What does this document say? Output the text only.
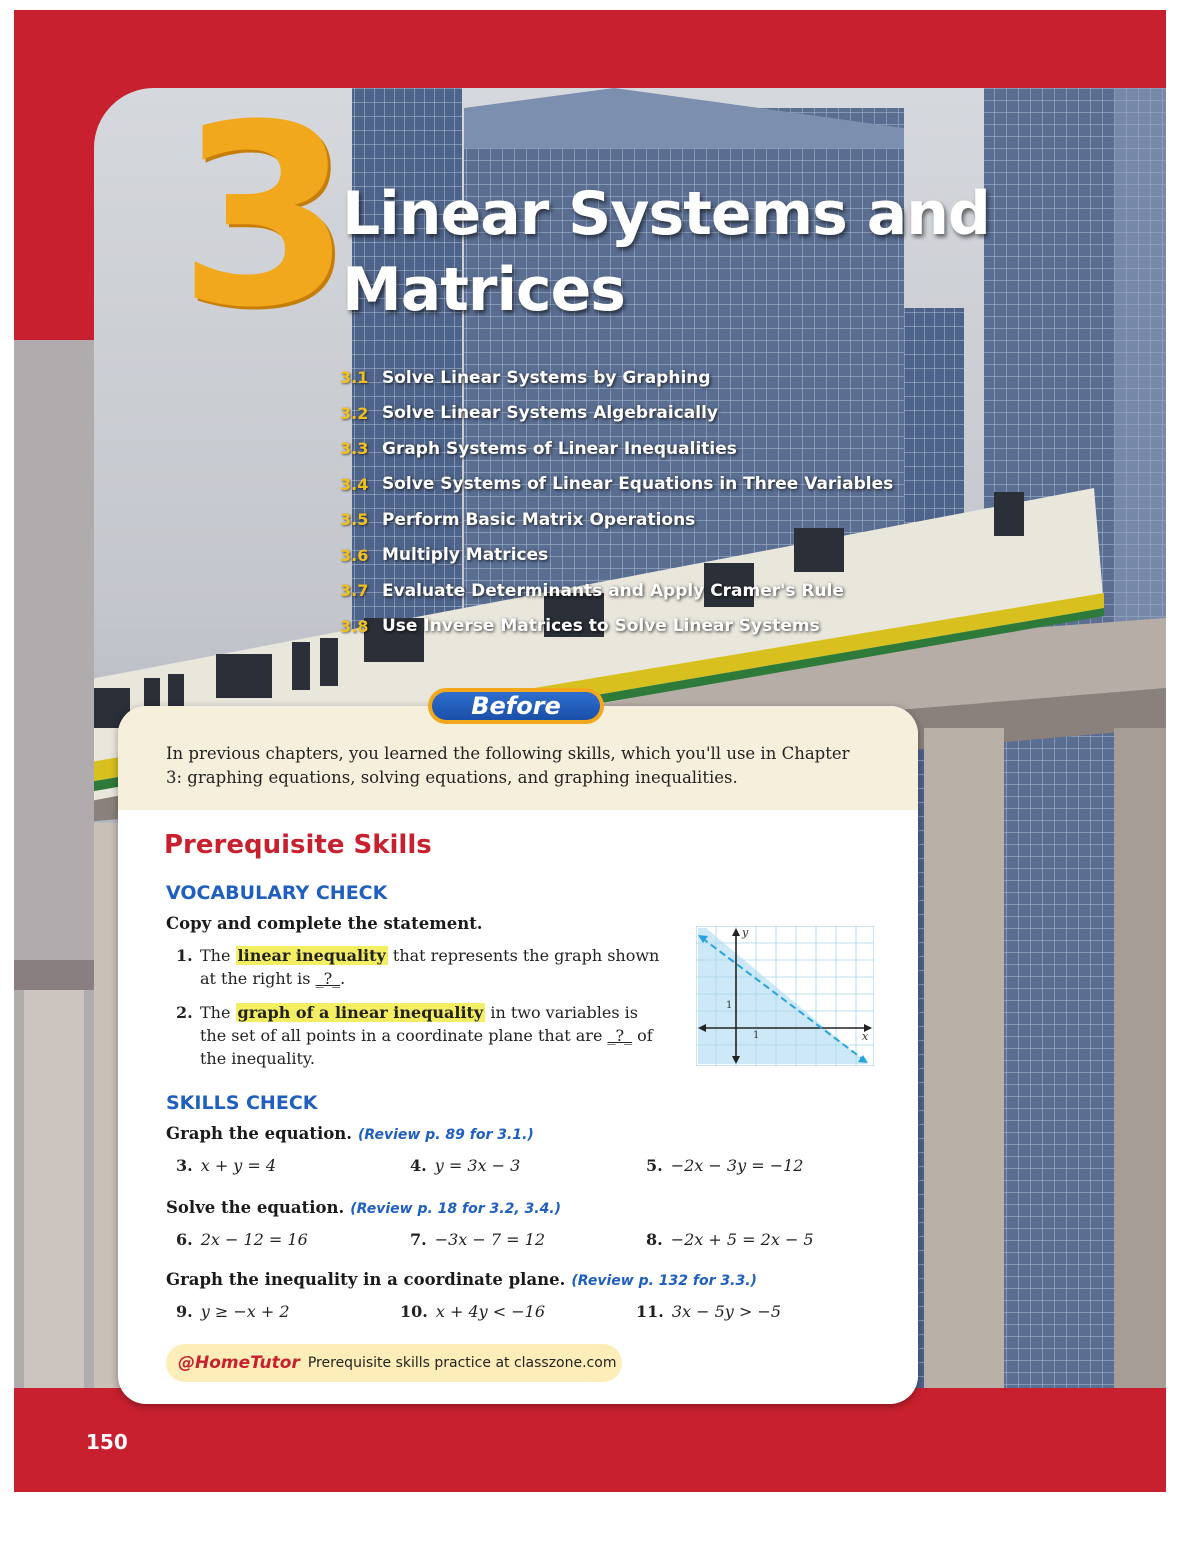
150
3
Linear Systems and Matrices
3.1 Solve Linear Systems by Graphing
3.2 Solve Linear Systems Algebraically
3.3 Graph Systems of Linear Inequalities
3.4 Solve Systems of Linear Equations in Three Variables
3.5 Perform Basic Matrix Operations
3.6 Multiply Matrices
3.7 Evaluate Determinants and Apply Cramer's Rule
3.8 Use Inverse Matrices to Solve Linear Systems
Before
In previous chapters, you learned the following skills, which you'll use in Chapter 3: graphing equations, solving equations, and graphing inequalities.
Prerequisite Skills
VOCABULARY CHECK
Copy and complete the statement.
1. The linear inequality that represents the graph shown at the right is _?_.
2. The graph of a linear inequality in two variables is the set of all points in a coordinate plane that are _?_ of the inequality.
y
x
1
1
SKILLS CHECK
Graph the equation. (Review p. 89 for 3.1.)
3. x + y = 4	4. y = 3x − 3	5. −2x − 3y = −12
Solve the equation. (Review p. 18 for 3.2, 3.4.)
6. 2x − 12 = 16	7. −3x − 7 = 12	8. −2x + 5 = 2x − 5
Graph the inequality in a coordinate plane. (Review p. 132 for 3.3.)
9. y ≥ −x + 2	10. x + 4y < −16	11. 3x − 5y > −5
@HomeTutor Prerequisite skills practice at classzone.com
